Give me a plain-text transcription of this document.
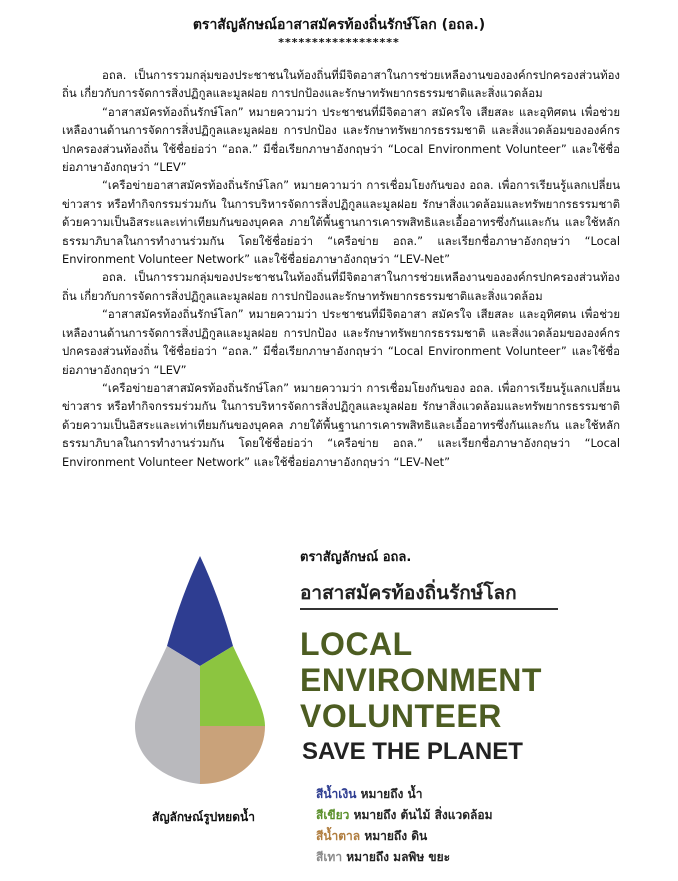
ตราสัญลักษณ์อาสาสมัครท้องถิ่นรักษ์โลก (อถล.)
******************

อถล. เป็นการรวมกลุ่มของประชาชนในท้องถิ่นที่มีจิตอาสาในการช่วยเหลืองานขององค์กรปกครองส่วนท้องถิ่น เกี่ยวกับการจัดการสิ่งปฏิกูลและมูลฝอย การปกป้องและรักษาทรัพยากรธรรมชาติและสิ่งแวดล้อม

“อาสาสมัครท้องถิ่นรักษ์โลก” หมายความว่า ประชาชนที่มีจิตอาสา สมัครใจ เสียสละ และอุทิศตน เพื่อช่วยเหลืองานด้านการจัดการสิ่งปฏิกูลและมูลฝอย การปกป้อง และรักษาทรัพยากรธรรมชาติ และสิ่งแวดล้อมขององค์กรปกครองส่วนท้องถิ่น ใช้ชื่อย่อว่า “อถล.” มีชื่อเรียกภาษาอังกฤษว่า “Local Environment Volunteer” และใช้ชื่อย่อภาษาอังกฤษว่า “LEV”

“เครือข่ายอาสาสมัครท้องถิ่นรักษ์โลก” หมายความว่า การเชื่อมโยงกันของ อถล. เพื่อการเรียนรู้แลกเปลี่ยนข่าวสาร หรือทำกิจกรรมร่วมกัน ในการบริหารจัดการสิ่งปฏิกูลและมูลฝอย รักษาสิ่งแวดล้อมและทรัพยากรธรรมชาติด้วยความเป็นอิสระและเท่าเทียมกันของบุคคล ภายใต้พื้นฐานการเคารพสิทธิและเอื้ออาทรซึ่งกันและกัน และใช้หลักธรรมาภิบาลในการทำงานร่วมกัน โดยใช้ชื่อย่อว่า “เครือข่าย อถล.” และเรียกชื่อภาษาอังกฤษว่า “Local Environment Volunteer Network” และใช้ชื่อย่อภาษาอังกฤษว่า “LEV-Net”

อถล. เป็นการรวมกลุ่มของประชาชนในท้องถิ่นที่มีจิตอาสาในการช่วยเหลืองานขององค์กรปกครองส่วนท้องถิ่น เกี่ยวกับการจัดการสิ่งปฏิกูลและมูลฝอย การปกป้องและรักษาทรัพยากรธรรมชาติและสิ่งแวดล้อม

“อาสาสมัครท้องถิ่นรักษ์โลก” หมายความว่า ประชาชนที่มีจิตอาสา สมัครใจ เสียสละ และอุทิศตน เพื่อช่วยเหลืองานด้านการจัดการสิ่งปฏิกูลและมูลฝอย การปกป้อง และรักษาทรัพยากรธรรมชาติ และสิ่งแวดล้อมขององค์กรปกครองส่วนท้องถิ่น ใช้ชื่อย่อว่า “อถล.” มีชื่อเรียกภาษาอังกฤษว่า “Local Environment Volunteer” และใช้ชื่อย่อภาษาอังกฤษว่า “LEV”

“เครือข่ายอาสาสมัครท้องถิ่นรักษ์โลก” หมายความว่า การเชื่อมโยงกันของ อถล. เพื่อการเรียนรู้แลกเปลี่ยนข่าวสาร หรือทำกิจกรรมร่วมกัน ในการบริหารจัดการสิ่งปฏิกูลและมูลฝอย รักษาสิ่งแวดล้อมและทรัพยากรธรรมชาติด้วยความเป็นอิสระและเท่าเทียมกันของบุคคล ภายใต้พื้นฐานการเคารพสิทธิและเอื้ออาทรซึ่งกันและกัน และใช้หลักธรรมาภิบาลในการทำงานร่วมกัน โดยใช้ชื่อย่อว่า “เครือข่าย อถล.” และเรียกชื่อภาษาอังกฤษว่า “Local Environment Volunteer Network” และใช้ชื่อย่อภาษาอังกฤษว่า “LEV-Net”

สัญลักษณ์รูปหยดน้ำ
ตราสัญลักษณ์ อถล.
อาสาสมัครท้องถิ่นรักษ์โลก
LOCAL
ENVIRONMENT
VOLUNTEER
SAVE THE PLANET
สีน้ำเงิน หมายถึง น้ำ
สีเขียว หมายถึง ต้นไม้ สิ่งแวดล้อม
สีน้ำตาล หมายถึง ดิน
สีเทา หมายถึง มลพิษ ขยะ
